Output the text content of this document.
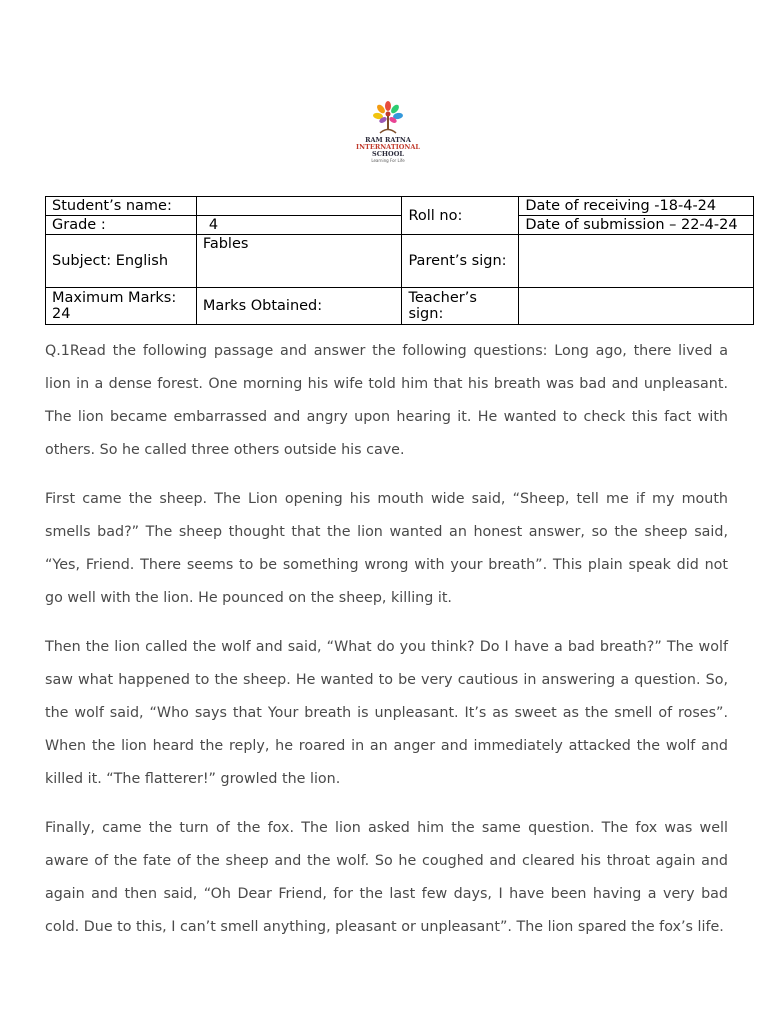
RAM RATNA
INTERNATIONAL
SCHOOL
Learning For Life
Student’s name:		Roll no:	Date of receiving -18-4-24
Grade :	4		Date of submission – 22-4-24
Subject: English	Fables	Parent’s sign:	
Maximum Marks: 24	Marks Obtained:	Teacher’s sign:	

Q.1Read the following passage and answer the following questions: Long ago, there lived a lion in a dense forest. One morning his wife told him that his breath was bad and unpleasant. The lion became embarrassed and angry upon hearing it. He wanted to check this fact with others. So he called three others outside his cave.

First came the sheep. The Lion opening his mouth wide said, “Sheep, tell me if my mouth smells bad?” The sheep thought that the lion wanted an honest answer, so the sheep said, “Yes, Friend. There seems to be something wrong with your breath”. This plain speak did not go well with the lion. He pounced on the sheep, killing it.

Then the lion called the wolf and said, “What do you think? Do I have a bad breath?” The wolf saw what happened to the sheep. He wanted to be very cautious in answering a question. So, the wolf said, “Who says that Your breath is unpleasant. It’s as sweet as the smell of roses”. When the lion heard the reply, he roared in an anger and immediately attacked the wolf and killed it. “The flatterer!” growled the lion.

Finally, came the turn of the fox. The lion asked him the same question. The fox was well aware of the fate of the sheep and the wolf. So he coughed and cleared his throat again and again and then said, “Oh Dear Friend, for the last few days, I have been having a very bad cold. Due to this, I can’t smell anything, pleasant or unpleasant”. The lion spared the fox’s life.
